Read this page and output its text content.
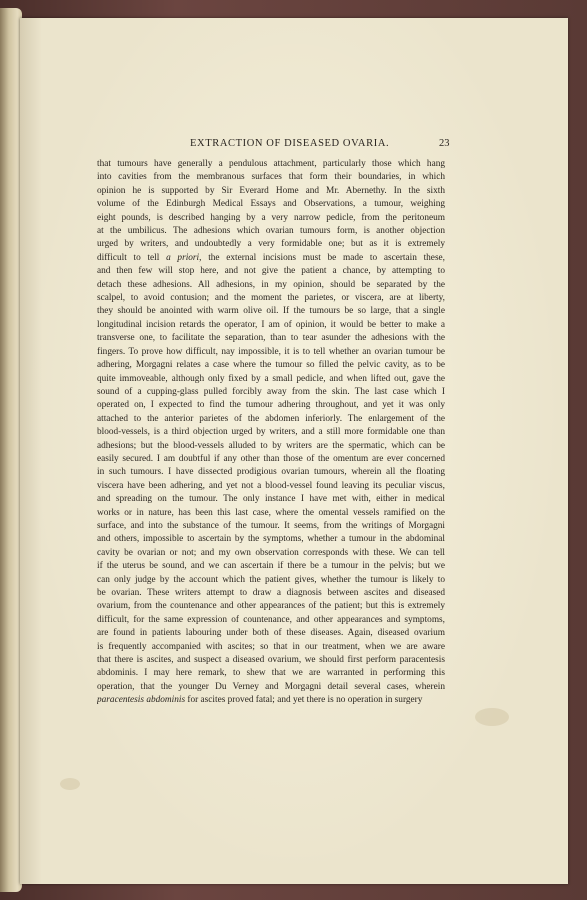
EXTRACTION OF DISEASED OVARIA.	23
that tumours have generally a pendulous attachment, particularly those which hang
into cavities from the membranous surfaces that form their boundaries, in which
opinion he is supported by Sir Everard Home and Mr. Abernethy. In the sixth
volume of the Edinburgh Medical Essays and Observations, a tumour, weighing
eight pounds, is described hanging by a very narrow pedicle, from the peritoneum
at the umbilicus. The adhesions which ovarian tumours form, is another objection
urged by writers, and undoubtedly a very formidable one; but as it is extremely
difficult to tell a priori, the external incisions must be made to ascertain these,
and then few will stop here, and not give the patient a chance, by attempting to
detach these adhesions. All adhesions, in my opinion, should be separated by the
scalpel, to avoid contusion; and the moment the parietes, or viscera, are at liberty,
they should be anointed with warm olive oil. If the tumours be so large, that a single
longitudinal incision retards the operator, I am of opinion, it would be better to make a
transverse one, to facilitate the separation, than to tear asunder the adhesions with the
fingers. To prove how difficult, nay impossible, it is to tell whether an ovarian tumour be
adhering, Morgagni relates a case where the tumour so filled the pelvic cavity, as to be
quite immoveable, although only fixed by a small pedicle, and when lifted out, gave the
sound of a cupping-glass pulled forcibly away from the skin. The last case which I
operated on, I expected to find the tumour adhering throughout, and yet it was only
attached to the anterior parietes of the abdomen inferiorly. The enlargement of the
blood-vessels, is a third objection urged by writers, and a still more formidable one than
adhesions; but the blood-vessels alluded to by writers are the spermatic, which can be
easily secured. I am doubtful if any other than those of the omentum are ever concerned
in such tumours. I have dissected prodigious ovarian tumours, wherein all the floating
viscera have been adhering, and yet not a blood-vessel found leaving its peculiar viscus,
and spreading on the tumour. The only instance I have met with, either in medical
works or in nature, has been this last case, where the omental vessels ramified on the
surface, and into the substance of the tumour. It seems, from the writings of Morgagni
and others, impossible to ascertain by the symptoms, whether a tumour in the abdominal
cavity be ovarian or not; and my own observation corresponds with these. We can tell
if the uterus be sound, and we can ascertain if there be a tumour in the pelvis; but we
can only judge by the account which the patient gives, whether the tumour is likely to
be ovarian. These writers attempt to draw a diagnosis between ascites and diseased
ovarium, from the countenance and other appearances of the patient; but this is extremely
difficult, for the same expression of countenance, and other appearances and symptoms,
are found in patients labouring under both of these diseases. Again, diseased ovarium
is frequently accompanied with ascites; so that in our treatment, when we are aware
that there is ascites, and suspect a diseased ovarium, we should first perform paracentesis
abdominis. I may here remark, to shew that we are warranted in performing this
operation, that the younger Du Verney and Morgagni detail several cases, wherein
paracentesis abdominis for ascites proved fatal; and yet there is no operation in surgery
